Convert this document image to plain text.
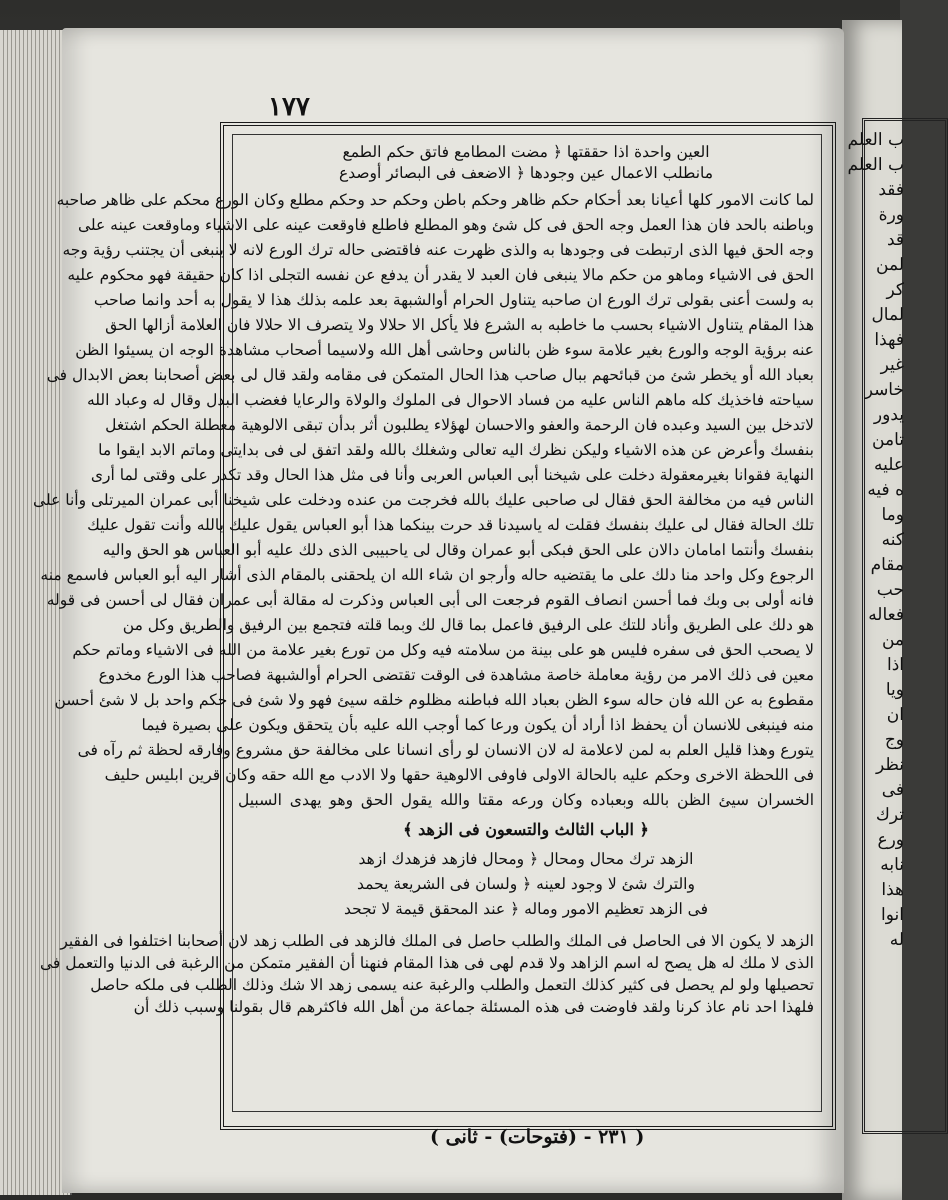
ب العلم
ب العلم
فقد
ورة
قد
لمن
كر
لمال
فهذا
غير
خاسر
يدور
تامن
عليه
ه فيه
وما
كنه
مقام
حب
فعاله
من
اذا
ويا
ان
وج
نظر
فى
ترك
ورع
نابه
هذا
انوا
له
١٧٧
العين واحدة اذا حققتها ﴿ مضت المطامع فاتق حكم الطمع
مانطلب الاعمال عين وجودها ﴿ الاضعف فى البصائر أوصدع
لما كانت الامور كلها أعيانا بعد أحكام حكم ظاهر وحكم باطن وحكم حد وحكم مطلع وكان الورع محكم على ظاهر صاحبه
وباطنه بالحد فان هذا العمل وجه الحق فى كل شئ وهو المطلع فاطلع فاوقعت عينه على الاشياء وماوقعت عينه على
وجه الحق فيها الذى ارتبطت فى وجودها به والذى ظهرت عنه فاقتضى حاله ترك الورع لانه لا ينبغى أن يجتنب رؤية وجه
الحق فى الاشياء وماهو من حكم مالا ينبغى فان العبد لا يقدر أن يدفع عن نفسه التجلى اذا كان حقيقة فهو محكوم عليه
به ولست أعنى بقولى ترك الورع ان صاحبه يتناول الحرام أوالشبهة بعد علمه بذلك هذا لا يقول به أحد وانما صاحب
هذا المقام يتناول الاشياء بحسب ما خاطبه به الشرع فلا يأكل الا حلالا ولا يتصرف الا حلالا فان العلامة أزالها الحق
عنه برؤية الوجه والورع بغير علامة سوء ظن بالناس وحاشى أهل الله ولاسيما أصحاب مشاهدة الوجه ان يسيئوا الظن
بعباد الله أو يخطر شئ من قبائحهم ببال صاحب هذا الحال المتمكن فى مقامه ولقد قال لى بعض أصحابنا بعض الابدال فى
سياحته فاخذيك كله ماهم الناس عليه من فساد الاحوال فى الملوك والولاة والرعايا فغضب البدل وقال له وعباد الله
لاتدخل بين السيد وعبده فان الرحمة والعفو والاحسان لهؤلاء يطلبون أثر بدأن تبقى الالوهية معطلة الحكم اشتغل
بنفسك وأعرض عن هذه الاشياء وليكن نظرك اليه تعالى وشغلك بالله ولقد اتفق لى فى بدايتى وماتم الابد ايقوا ما
النهاية فقوانا بغيرمعقولة دخلت على شيخنا أبى العباس العربى وأنا فى مثل هذا الحال وقد تكدر على وقتى لما أرى
الناس فيه من مخالفة الحق فقال لى صاحبى عليك بالله فخرجت من عنده ودخلت على شيخنا أبى عمران الميرتلى وأنا على
تلك الحالة فقال لى عليك بنفسك فقلت له ياسيدنا قد حرت بينكما هذا أبو العباس يقول عليك بالله وأنت تقول عليك
بنفسك وأنتما امامان دالان على الحق فبكى أبو عمران وقال لى ياحبيبى الذى دلك عليه أبو العباس هو الحق واليه
الرجوع وكل واحد منا دلك على ما يقتضيه حاله وأرجو ان شاء الله ان يلحقنى بالمقام الذى أشار اليه أبو العباس فاسمع منه
فانه أولى بى وبك فما أحسن انصاف القوم فرجعت الى أبى العباس وذكرت له مقالة أبى عمران فقال لى أحسن فى قوله
هو دلك على الطريق وأناد للتك على الرفيق فاعمل بما قال لك وبما قلته فتجمع بين الرفيق والطريق وكل من
لا يصحب الحق فى سفره فليس هو على بينة من سلامته فيه وكل من تورع بغير علامة من الله فى الاشياء وماتم حكم
معين فى ذلك الامر من رؤية معاملة خاصة مشاهدة فى الوقت تقتضى الحرام أوالشبهة فصاحب هذا الورع مخدوع
مقطوع به عن الله فان حاله سوء الظن بعباد الله فباطنه مظلوم خلقه سيئ فهو ولا شئ فى حكم واحد بل لا شئ أحسن
منه فينبغى للانسان أن يحفظ اذا أراد أن يكون ورعا كما أوجب الله عليه بأن يتحقق ويكون على بصيرة فيما
يتورع وهذا قليل العلم به لمن لاعلامة له لان الانسان لو رأى انسانا على مخالفة حق مشروع وفارقه لحظة ثم رآه فى
فى اللحظة الاخرى وحكم عليه بالحالة الاولى فاوفى الالوهية حقها ولا الادب مع الله حقه وكان قرين ابليس حليف
الخسران سيئ الظن بالله وبعباده وكان ورعه مقتا والله يقول الحق وهو يهدى السبيل
﴿ الباب الثالث والتسعون فى الزهد ﴾
الزهد ترك محال ومحال ﴿ ومحال فازهد فزهدك ازهد
والترك شئ لا وجود لعينه ﴿ ولسان فى الشريعة يحمد
فى الزهد تعظيم الامور وماله ﴿ عند المحقق قيمة لا تجحد
الزهد لا يكون الا فى الحاصل فى الملك والطلب حاصل فى الملك فالزهد فى الطلب زهد لان أصحابنا اختلفوا فى الفقير
الذى لا ملك له هل يصح له اسم الزاهد ولا قدم لهى فى هذا المقام فنهنا أن الفقير متمكن من الرغبة فى الدنيا والتعمل فى
تحصيلها ولو لم يحصل فى كثير كذلك التعمل والطلب والرغبة عنه يسمى زهد الا شك وذلك الطلب فى ملكه حاصل
فلهذا احد نام عاذ كرنا ولقد فاوضت فى هذه المسئلة جماعة من أهل الله فاكثرهم قال بقولنا وسبب ذلك أن
( ٢٣١ - (فتوحات) - ثانى )
